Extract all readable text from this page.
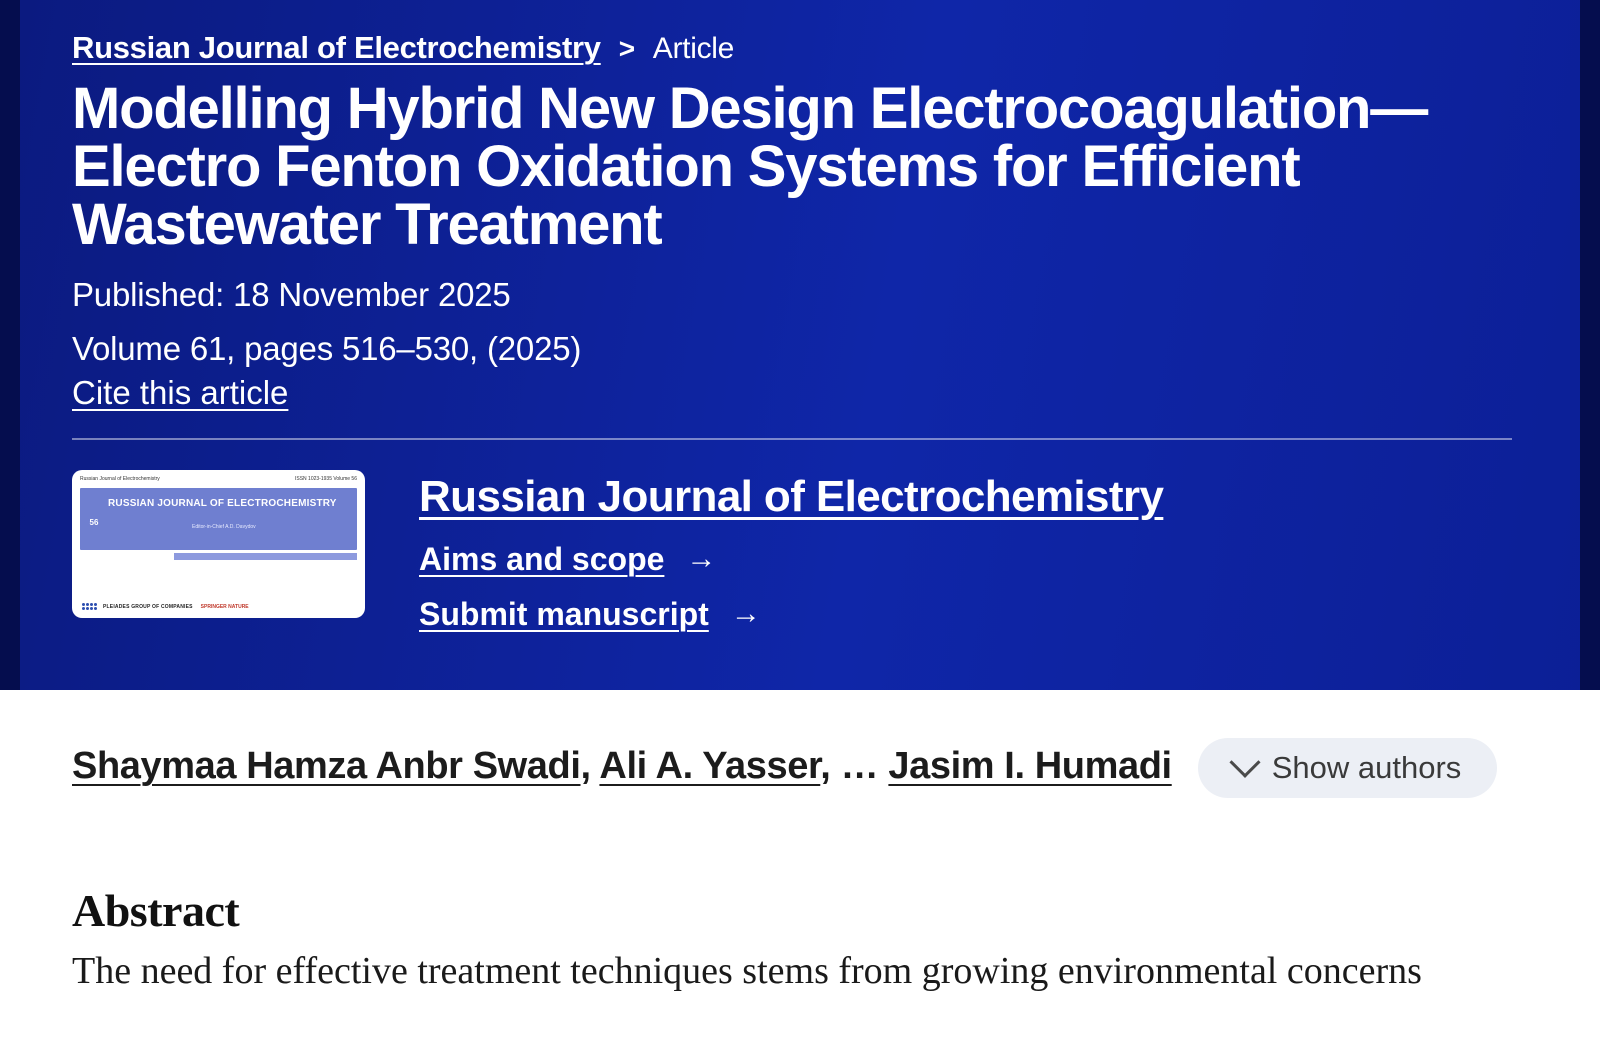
Russian Journal of Electrochemistry > Article
Modelling Hybrid New Design Electrocoagulation—Electro Fenton Oxidation Systems for Efficient Wastewater Treatment
Published: 18 November 2025
Volume 61, pages 516–530, (2025)
Cite this article
Russian Journal of Electrochemistry	ISSN 1023-1935 Volume 56
RUSSIAN JOURNAL OF ELECTROCHEMISTRY
56	Editor-in-Chief A.D. Davydov
PLEIADES GROUP OF COMPANIES SPRINGER NATURE
Russian Journal of Electrochemistry
Aims and scope →
Submit manuscript →
Shaymaa Hamza Anbr Swadi, Ali A. Yasser, … Jasim I. Humadi	Show authors
Abstract

The need for effective treatment techniques stems from growing environmental concerns
